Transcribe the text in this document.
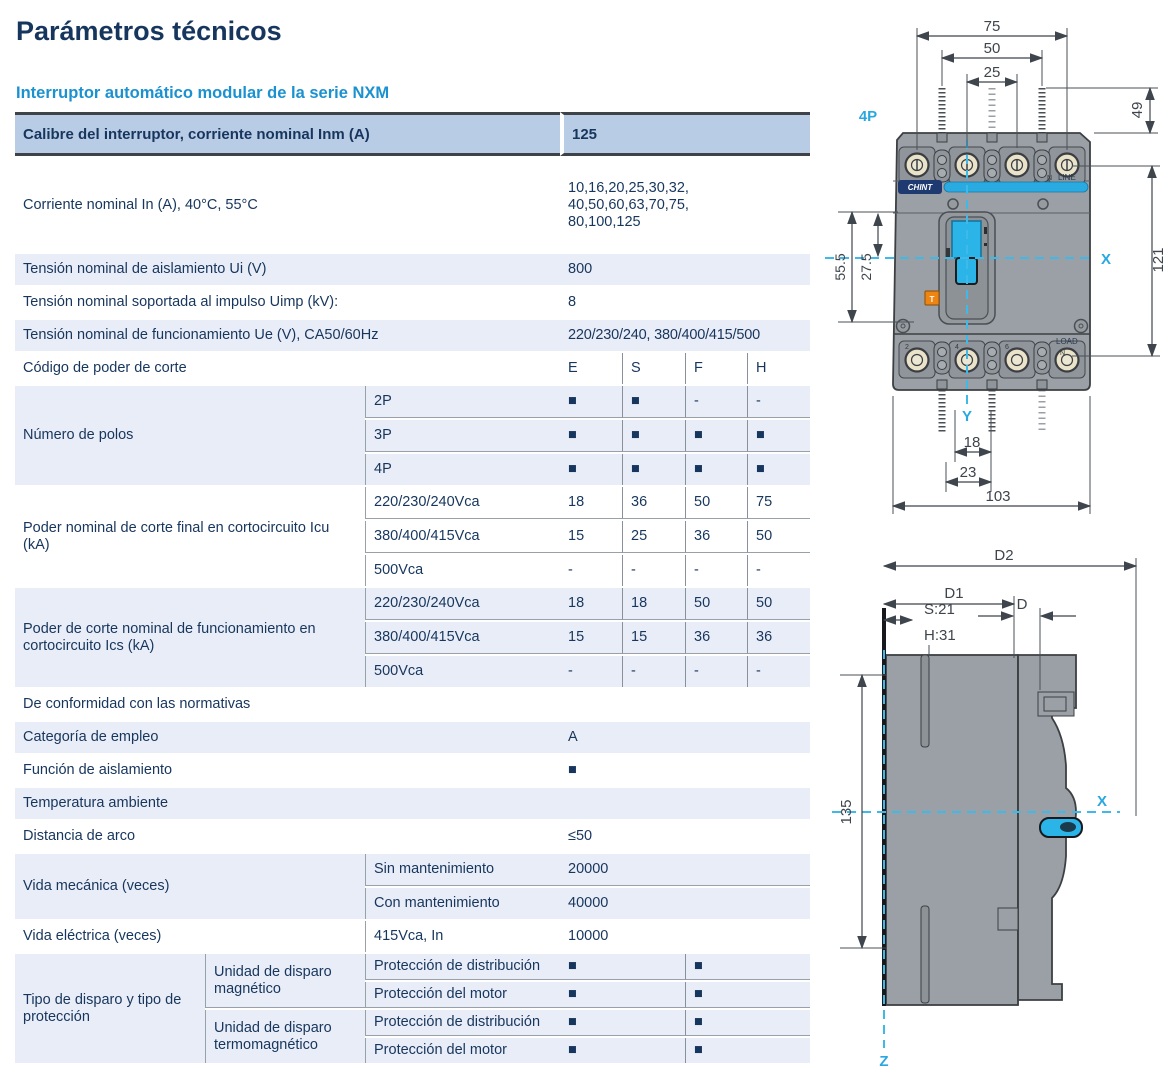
Parámetros técnicos
Interruptor automático modular de la serie NXM
Calibre del interruptor, corriente nominal Inm (A)			125			
Corriente nominal In (A), 40°C, 55°C			10,16,20,25,30,32,
40,50,60,63,70,75,
80,100,125			

Tensión nominal de aislamiento Ui (V)			800			
Tensión nominal soportada al impulso Uimp (kV):			8			
Tensión nominal de funcionamiento Ue (V), CA50/60Hz			220/230/240, 380/400/415/500			
Código de poder de corte			E	S	F	H
Número de polos		2P	■	■	-	-
		3P	■	■	■	■
		4P	■	■	■	■
Poder nominal de corte final en cortocircuito Icu (kA)		220/230/240Vca	18	36	50	75
		380/400/415Vca	15	25	36	50
		500Vca	-	-	-	-
Poder de corte nominal de funcionamiento en cortocircuito Ics (kA)		220/230/240Vca	18	18	50	50
		380/400/415Vca	15	15	36	36
		500Vca	-	-	-	-
De conformidad con las normativas						
Categoría de empleo			A			
Función de aislamiento			■			
Temperatura ambiente						
Distancia de arco			≤50			
Vida mecánica (veces)		Sin mantenimiento	20000			
		Con mantenimiento	40000			
Vida eléctrica (veces)		415Vca, In	10000			
Tipo de disparo y tipo de protección	Unidad de disparo magnético	Protección de distribución	■		■	
		Protección del motor	■		■	
	Unidad de disparo termomagnético	Protección de distribución	■		■	
		Protección del motor	■		■	
N LINE
CHINT
T
2	4	6
LOAD
N
X
Y
4P
75
50
25
49
121
55.5 27.5
18
23
103
Z
X
D2
D1
S:21
H:31
D
135
